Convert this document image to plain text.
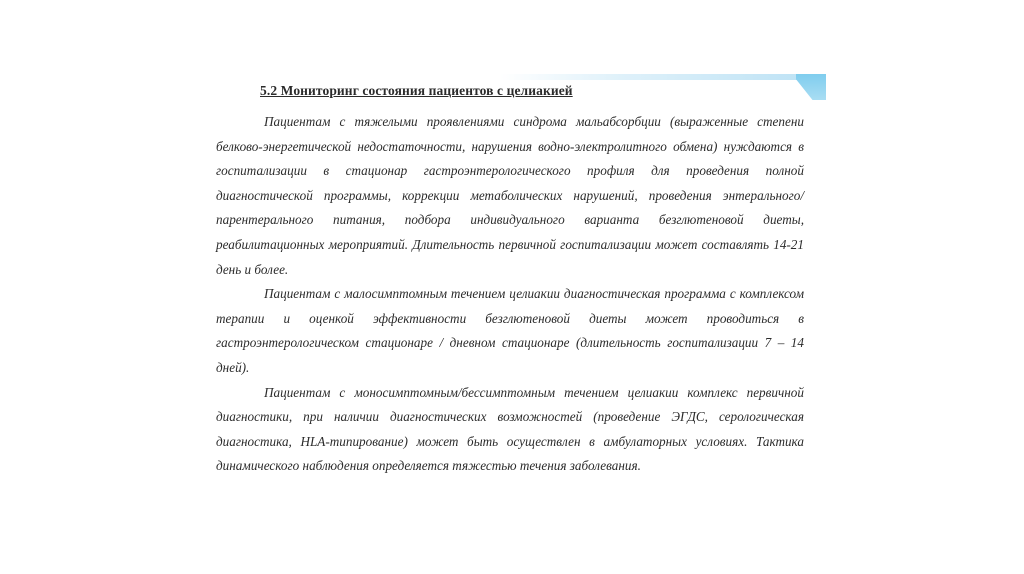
5.2 Мониторинг состояния пациентов с целиакией

Пациентам с тяжелыми проявлениями синдрома мальабсорбции (выраженные степени белково-энергетической недостаточности, нарушения водно-электролитного обмена) нуждаются в госпитализации в стационар гастроэнтерологического профиля для проведения полной диагностической программы, коррекции метаболических нарушений, проведения энтерального/парентерального питания, подбора индивидуального варианта безглютеновой диеты, реабилитационных мероприятий. Длительность первичной госпитализации может составлять 14-21 день и более.

Пациентам с малосимптомным течением целиакии диагностическая программа с комплексом терапии и оценкой эффективности безглютеновой диеты может проводиться в гастроэнтерологическом стационаре / дневном стационаре (длительность госпитализации 7 – 14 дней).

Пациентам с моносимптомным/бессимптомным течением целиакии комплекс первичной диагностики, при наличии диагностических возможностей (проведение ЭГДС, серологическая диагностика, HLA-типирование) может быть осуществлен в амбулаторных условиях. Тактика динамического наблюдения определяется тяжестью течения заболевания.
